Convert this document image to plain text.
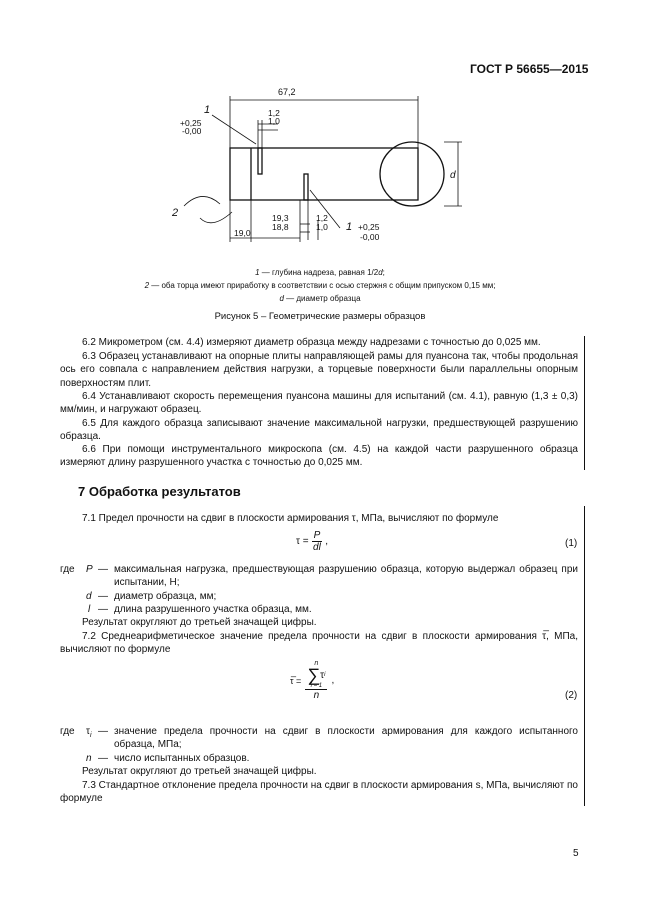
ГОСТ Р 56655—2015
67,2
1,2
1,0
+0,25
-0,00
1
2
d
19,0
19,3
18,8
1,2
1,0 1 +0,25
-0,00
1 — глубина надреза, равная 1/2d;
2 — оба торца имеют приработку в соответствии с осью стержня с общим припуском 0,15 мм;
d — диаметр образца
Рисунок 5 – Геометрические размеры образцов
6.2 Микрометром (см. 4.4) измеряют диаметр образца между надрезами с точностью до 0,025 мм.
6.3 Образец устанавливают на опорные плиты направляющей рамы для пуансона так, чтобы продольная ось его совпала с направлением действия нагрузки, а торцевые поверхности были параллельны опорным поверхностям плит.
6.4 Устанавливают скорость перемещения пуансона машины для испытаний (см. 4.1), равную (1,3 ± 0,3) мм/мин, и нагружают образец.
6.5 Для каждого образца записывают значение максимальной нагрузки, предшествующей разрушению образца.
6.6 При помощи инструментального микроскопа (см. 4.5) на каждой части разрушенного образца измеряют длину разрушенного участка с точностью до 0,025 мм.
7 Обработка результатов
7.1 Предел прочности на сдвиг в плоскости армирования τ, МПа, вычисляют по формуле
$\tau = \frac{P}{dl}$ ,	(1)
где P — максимальная нагрузка, предшествующая разрушению образца, которую выдержал образец при испытании, Н;
d — диаметр образца, мм;
l — длина разрушенного участка образца, мм.
Результат округляют до третьей значащей цифры.
7.2 Среднеарифметическое значение предела прочности на сдвиг в плоскости армирования τ̅, МПа, вычисляют по формуле
τ̅ = n
∑ τ i
i = 1
n ,
(2)
где $\tau_i$ — значение предела прочности на сдвиг в плоскости армирования для каждого испытанного образца, МПа;
n — число испытанных образцов.
Результат округляют до третьей значащей цифры.
7.3 Стандартное отклонение предела прочности на сдвиг в плоскости армирования s, МПа, вычисляют по формуле
5
